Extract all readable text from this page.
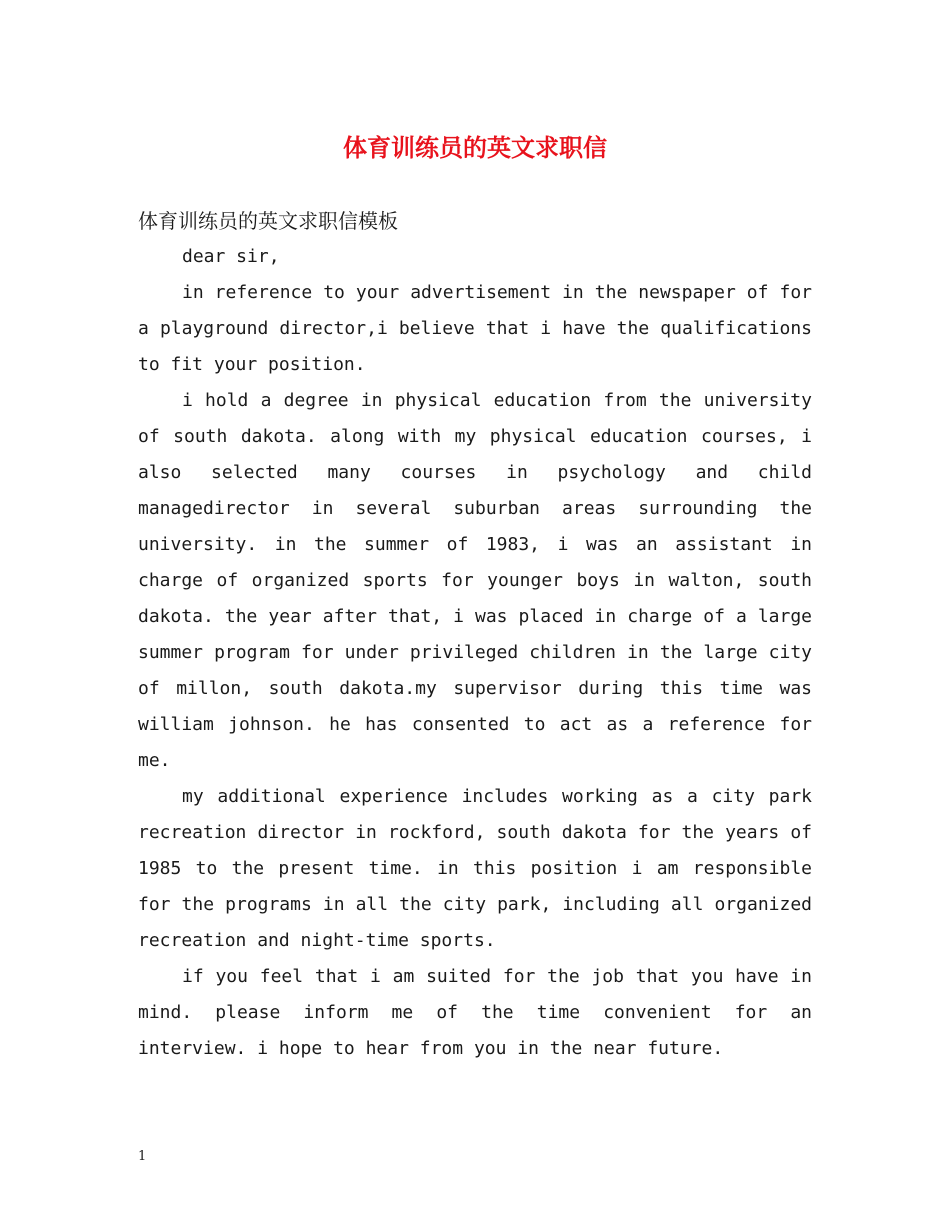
体育训练员的英文求职信

体育训练员的英文求职信模板

dear sir,

in reference to your advertisement in the newspaper of for a playground director,i believe that i have the qualifications to fit your position.

i hold a degree in physical education from the university of south dakota. along with my physical education courses, i also selected many courses in psychology and child managedirector in several suburban areas surrounding the university. in the summer of 1983, i was an assistant in charge of organized sports for younger boys in walton, south dakota. the year after that, i was placed in charge of a large summer program for under privileged children in the large city of millon, south dakota.my supervisor during this time was william johnson. he has consented to act as a reference for me.

my additional experience includes working as a city park recreation director in rockford, south dakota for the years of 1985 to the present time. in this position i am responsible for the programs in all the city park, including all organized recreation and night-time sports.

if you feel that i am suited for the job that you have in mind. please inform me of the time convenient for an interview. i hope to hear from you in the near future.

1
